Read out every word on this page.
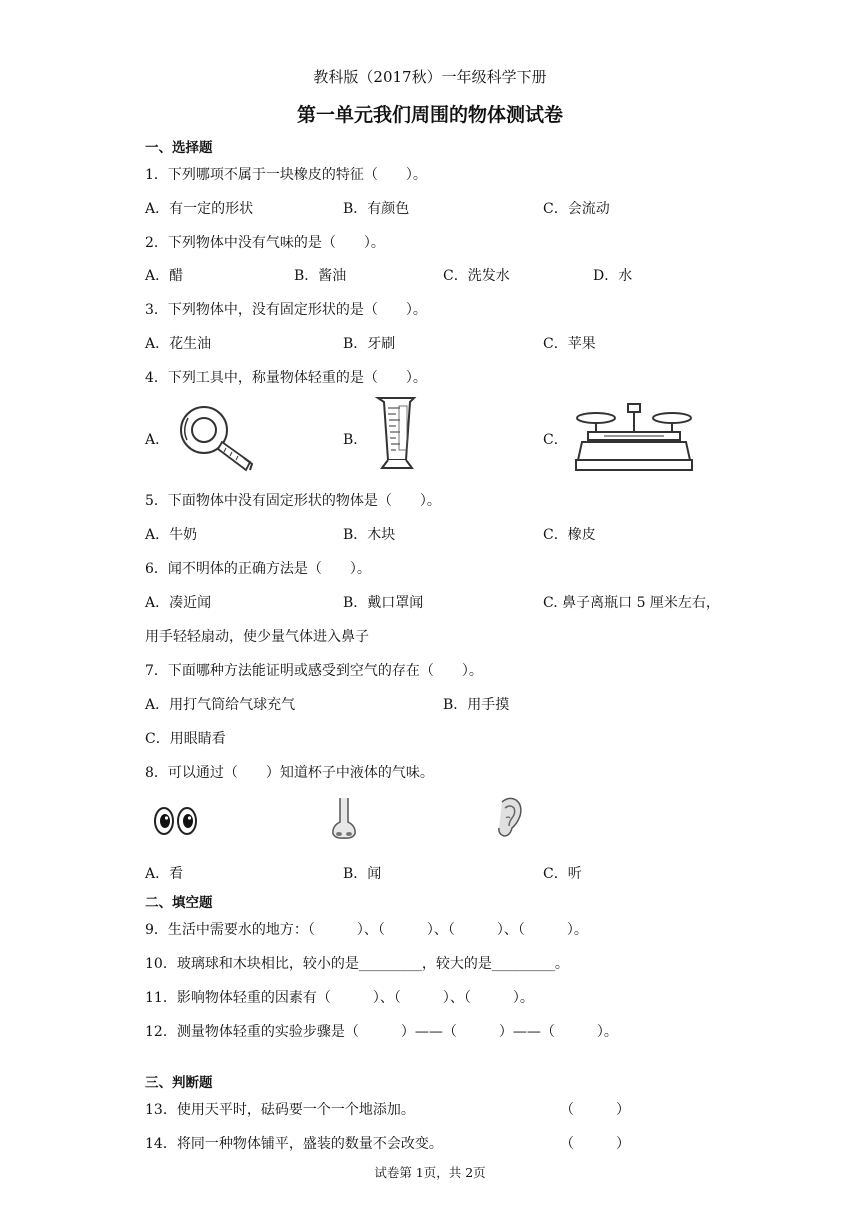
教科版（2017秋）一年级科学下册
第一单元我们周围的物体测试卷
一、选择题
1．下列哪项不属于一块橡皮的特征（　　）。
A．有一定的形状	B．有颜色	C．会流动
2．下列物体中没有气味的是（　　）。
A．醋	B．酱油	C．洗发水	D．水
3．下列物体中，没有固定形状的是（　　）。
A．花生油	B．牙刷	C．苹果
4．下列工具中，称量物体轻重的是（　　）。
A．	B．	C．
5．下面物体中没有固定形状的物体是（　　）。
A．牛奶	B．木块	C．橡皮
6．闻不明体的正确方法是（　　）。
A．凑近闻	B．戴口罩闻	C. 鼻子离瓶口 5 厘米左右，
用手轻轻扇动，使少量气体进入鼻子
7．下面哪种方法能证明或感受到空气的存在（　　）。
A．用打气筒给气球充气	B．用手摸
C．用眼睛看
8．可以通过（　　）知道杯子中液体的气味。
A．看	B．闻	C．听
二、填空题
9．生活中需要水的地方：（　　　）、（　　　）、（　　　）、（　　　）。
10．玻璃球和木块相比，较小的是_________，较大的是_________。
11．影响物体轻重的因素有（　　　）、（　　　）、（　　　）。
12．测量物体轻重的实验步骤是（　　　）——（　　　）——（　　　）。
三、判断题
13．使用天平时，砝码要一个一个地添加。	（　　　）
14．将同一种物体铺平，盛装的数量不会改变。	（　　　）
试卷第 1页，共 2页
